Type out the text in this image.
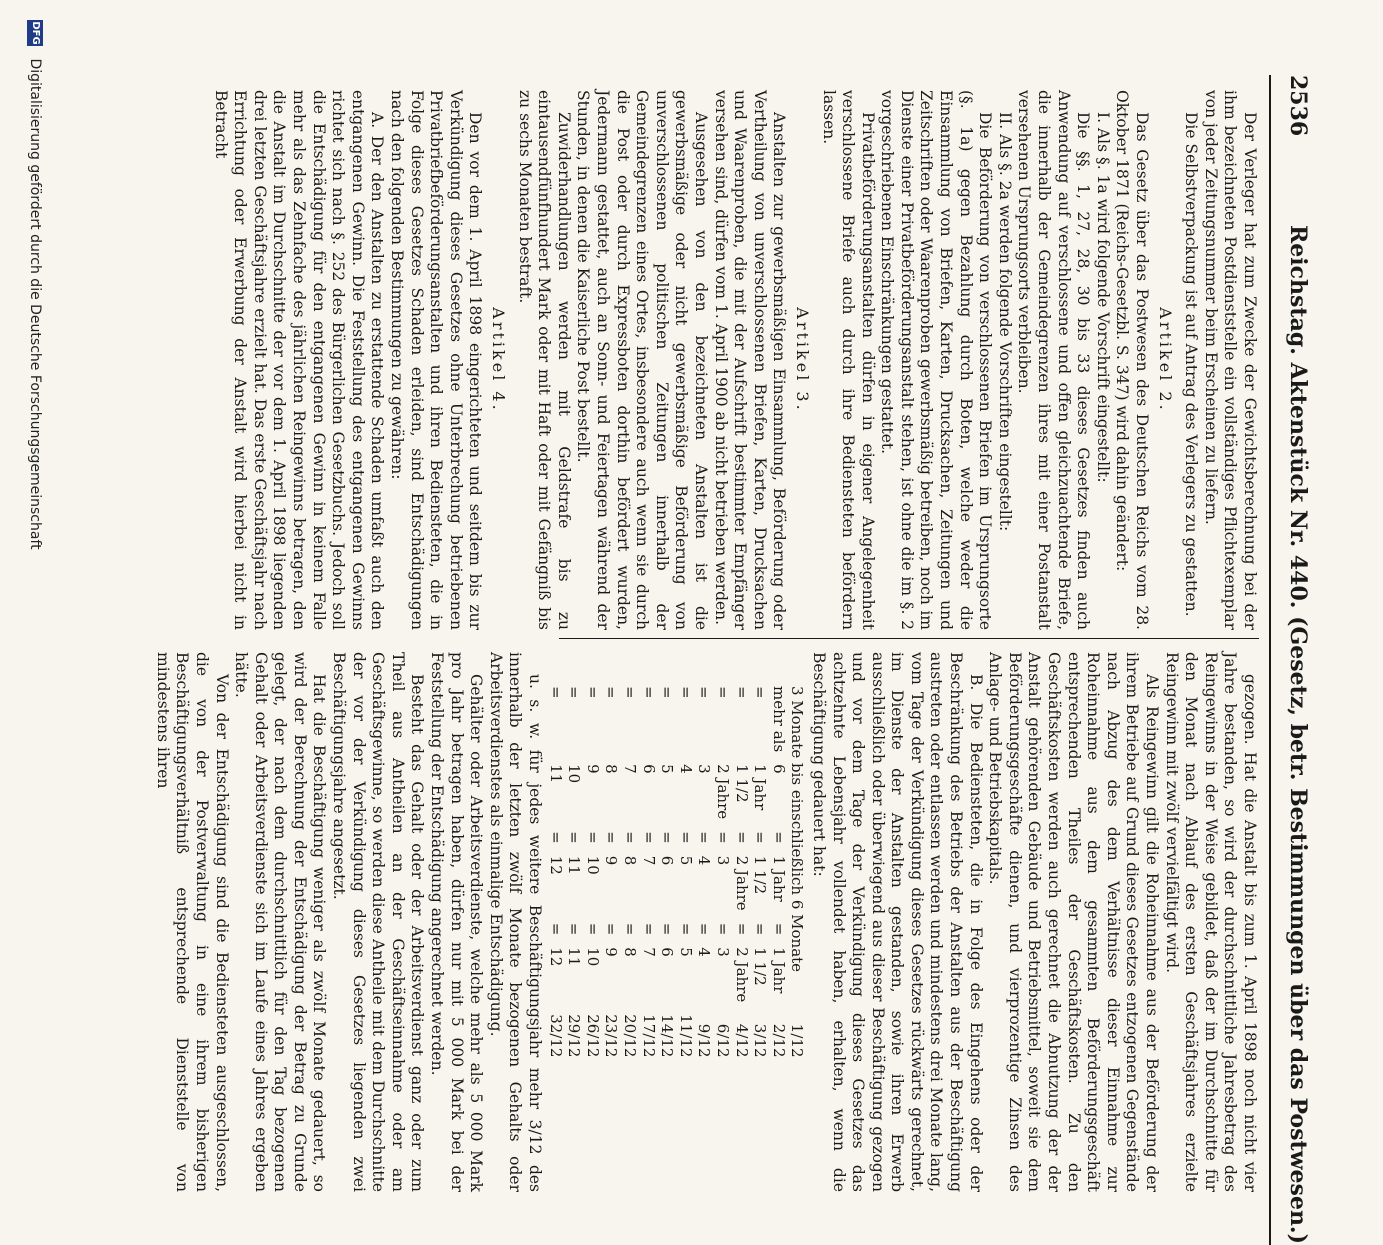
2536
Reichstag. Aktenstück Nr. 440. (Gesetz, betr. Bestimmungen über das Postwesen.)

Der Verleger hat zum Zwecke der Gewichtsberechnung bei der ihm bezeichneten Postdienststelle ein vollständiges Pflichtexemplar von jeder Zeitungsnummer beim Erscheinen zu liefern.

Die Selbstverpackung ist auf Antrag des Verlegers zu gestatten.

Artikel 2.

Das Gesetz über das Postwesen des Deutschen Reichs vom 28. Oktober 1871 (Reichs-Gesetzbl. S. 347) wird dahin geändert:

I. Als §. 1a wird folgende Vorschrift eingestellt:

Die §§. 1, 27, 28, 30 bis 33 dieses Gesetzes finden auch Anwendung auf verschlossene und offen gleichzuachtende Briefe, die innerhalb der Gemeindegrenzen ihres mit einer Postanstalt versehenen Ursprungsorts verbleiben.

II. Als §. 2a werden folgende Vorschriften eingestellt:

Die Beförderung von verschlossenen Briefen im Ursprungsorte (§. 1a) gegen Bezahlung durch Boten, welche weder die Einsammlung von Briefen, Karten, Drucksachen, Zeitungen und Zeitschriften oder Waarenproben gewerbsmäßig betreiben, noch im Dienste einer Privatbeförderungsanstalt stehen, ist ohne die im §. 2 vorgeschriebenen Einschränkungen gestattet.

Privatbeförderungsanstalten dürfen in eigener Angelegenheit verschlossene Briefe auch durch ihre Bediensteten befördern lassen.

Artikel 3.

Anstalten zur gewerbsmäßigen Einsammlung, Beförderung oder Vertheilung von unverschlossenen Briefen, Karten, Drucksachen und Waarenproben, die mit der Aufschrift bestimmter Empfänger versehen sind, dürfen vom 1. April 1900 ab nicht betrieben werden.

Ausgesehen von den bezeichneten Anstalten ist die gewerbsmäßige oder nicht gewerbsmäßige Beförderung von unverschlossenen politischen Zeitungen innerhalb der Gemeindegrenzen eines Ortes, insbesondere auch wenn sie durch die Post oder durch Expressboten dorthin befördert wurden, Jedermann gestattet, auch an Sonn- und Feiertagen während der Stunden, in denen die Kaiserliche Post bestellt.

Zuwiderhandlungen werden mit Geldstrafe bis zu eintausendfünfhundert Mark oder mit Haft oder mit Gefängniß bis zu sechs Monaten bestraft.

Artikel 4.

Den vor dem 1. April 1898 eingerichteten und seitdem bis zur Verkündigung dieses Gesetzes ohne Unterbrechung betriebenen Privatbriefbeförderungsanstalten und ihren Bediensteten, die in Folge dieses Gesetzes Schaden erleiden, sind Entschädigungen nach den folgenden Bestimmungen zu gewähren:

A. Der den Anstalten zu erstattende Schaden umfaßt auch den entgangenen Gewinn. Die Feststellung des entgangenen Gewinns richtet sich nach §. 252 des Bürgerlichen Gesetzbuchs. Jedoch soll die Entschädigung für den entgangenen Gewinn in keinem Falle mehr als das Zehnfache des jährlichen Reingewinns betragen, den die Anstalt im Durchschnitte der vor dem 1. April 1898 liegenden drei letzten Geschäftsjahre erzielt hat. Das erste Geschäftsjahr nach Errichtung oder Erwerbung der Anstalt wird hierbei nicht in Betracht

gezogen. Hat die Anstalt bis zum 1. April 1898 noch nicht vier Jahre bestanden, so wird der durchschnittliche Jahresbetrag des Reingewinns in der Weise gebildet, daß der im Durchschnitte für den Monat nach Ablauf des ersten Geschäftsjahres erzielte Reingewinn mit zwölf vervielfältigt wird.

Als Reingewinn gilt die Roheinnahme aus der Beförderung der ihrem Betriebe auf Grund dieses Gesetzes entzogenen Gegenstände nach Abzug des dem Verhältnisse dieser Einnahme zur Roheinnahme aus dem gesammten Beförderungsgeschäft entsprechenden Theiles der Geschäftskosten. Zu den Geschäftskosten werden auch gerechnet die Abnutzung der der Anstalt gehörenden Gebäude und Betriebsmittel, soweit sie dem Beförderungsgeschäfte dienen, und vierprozentige Zinsen des Anlage- und Betriebskapitals.

B. Die Bediensteten, die in Folge des Eingehens oder der Beschränkung des Betriebs der Anstalten aus der Beschäftigung austreten oder entlassen werden und mindestens drei Monate lang, vom Tage der Verkündigung dieses Gesetzes rückwärts gerechnet, im Dienste der Anstalten gestanden, sowie ihren Erwerb ausschließlich oder überwiegend aus dieser Beschäftigung gezogen und vor dem Tage der Verkündigung dieses Gesetzes das achtzehnte Lebensjahr vollendet haben, erhalten, wenn die Beschäftigung gedauert hat:

3 Monate bis einschließlich 6 Monate						1/12
mehr als	6	=	1 Jahr	=	1 Jahr	2/12
=	1 Jahr	=	1 1/2	=	1 1/2	3/12
=	1 1/2	=	2 Jahre	=	2 Jahre	4/12
=	2 Jahre	=	3	=	3	6/12
=	3	=	4	=	4	9/12
=	4	=	5	=	5	11/12
=	5	=	6	=	6	14/12
=	6	=	7	=	7	17/12
=	7	=	8	=	8	20/12
=	8	=	9	=	9	23/12
=	9	=	10	=	10	26/12
=	10	=	11	=	11	29/12
=	11	=	12	=	12	32/12

u. s. w. für jedes weitere Beschäftigungsjahr mehr 3/12 des innerhalb der letzten zwölf Monate bezogenen Gehalts oder Arbeitsverdienstes als einmalige Entschädigung.

Gehälter oder Arbeitsverdienste, welche mehr als 5 000 Mark pro Jahr betragen haben, dürfen nur mit 5 000 Mark bei der Feststellung der Entschädigung angerechnet werden.

Besteht das Gehalt oder der Arbeitsverdienst ganz oder zum Theil aus Antheilen an der Geschäftseinnahme oder am Geschäftsgewinne, so werden diese Antheile mit dem Durchschnitte der vor der Verkündigung dieses Gesetzes liegenden zwei Beschäftigungsjahre angesetzt.

Hat die Beschäftigung weniger als zwölf Monate gedauert, so wird der Berechnung der Entschädigung der Betrag zu Grunde gelegt, der nach dem durchschnittlich für den Tag bezogenen Gehalt oder Arbeitsverdienste sich im Laufe eines Jahres ergeben hätte.

Von der Entschädigung sind die Bediensteten ausgeschlossen, die von der Postverwaltung in eine ihrem bisherigen Beschäftigungsverhältniß entsprechende Dienststelle von mindestens ihren

DFG Digitalisierung gefördert durch die Deutsche Forschungsgemeinschaft
